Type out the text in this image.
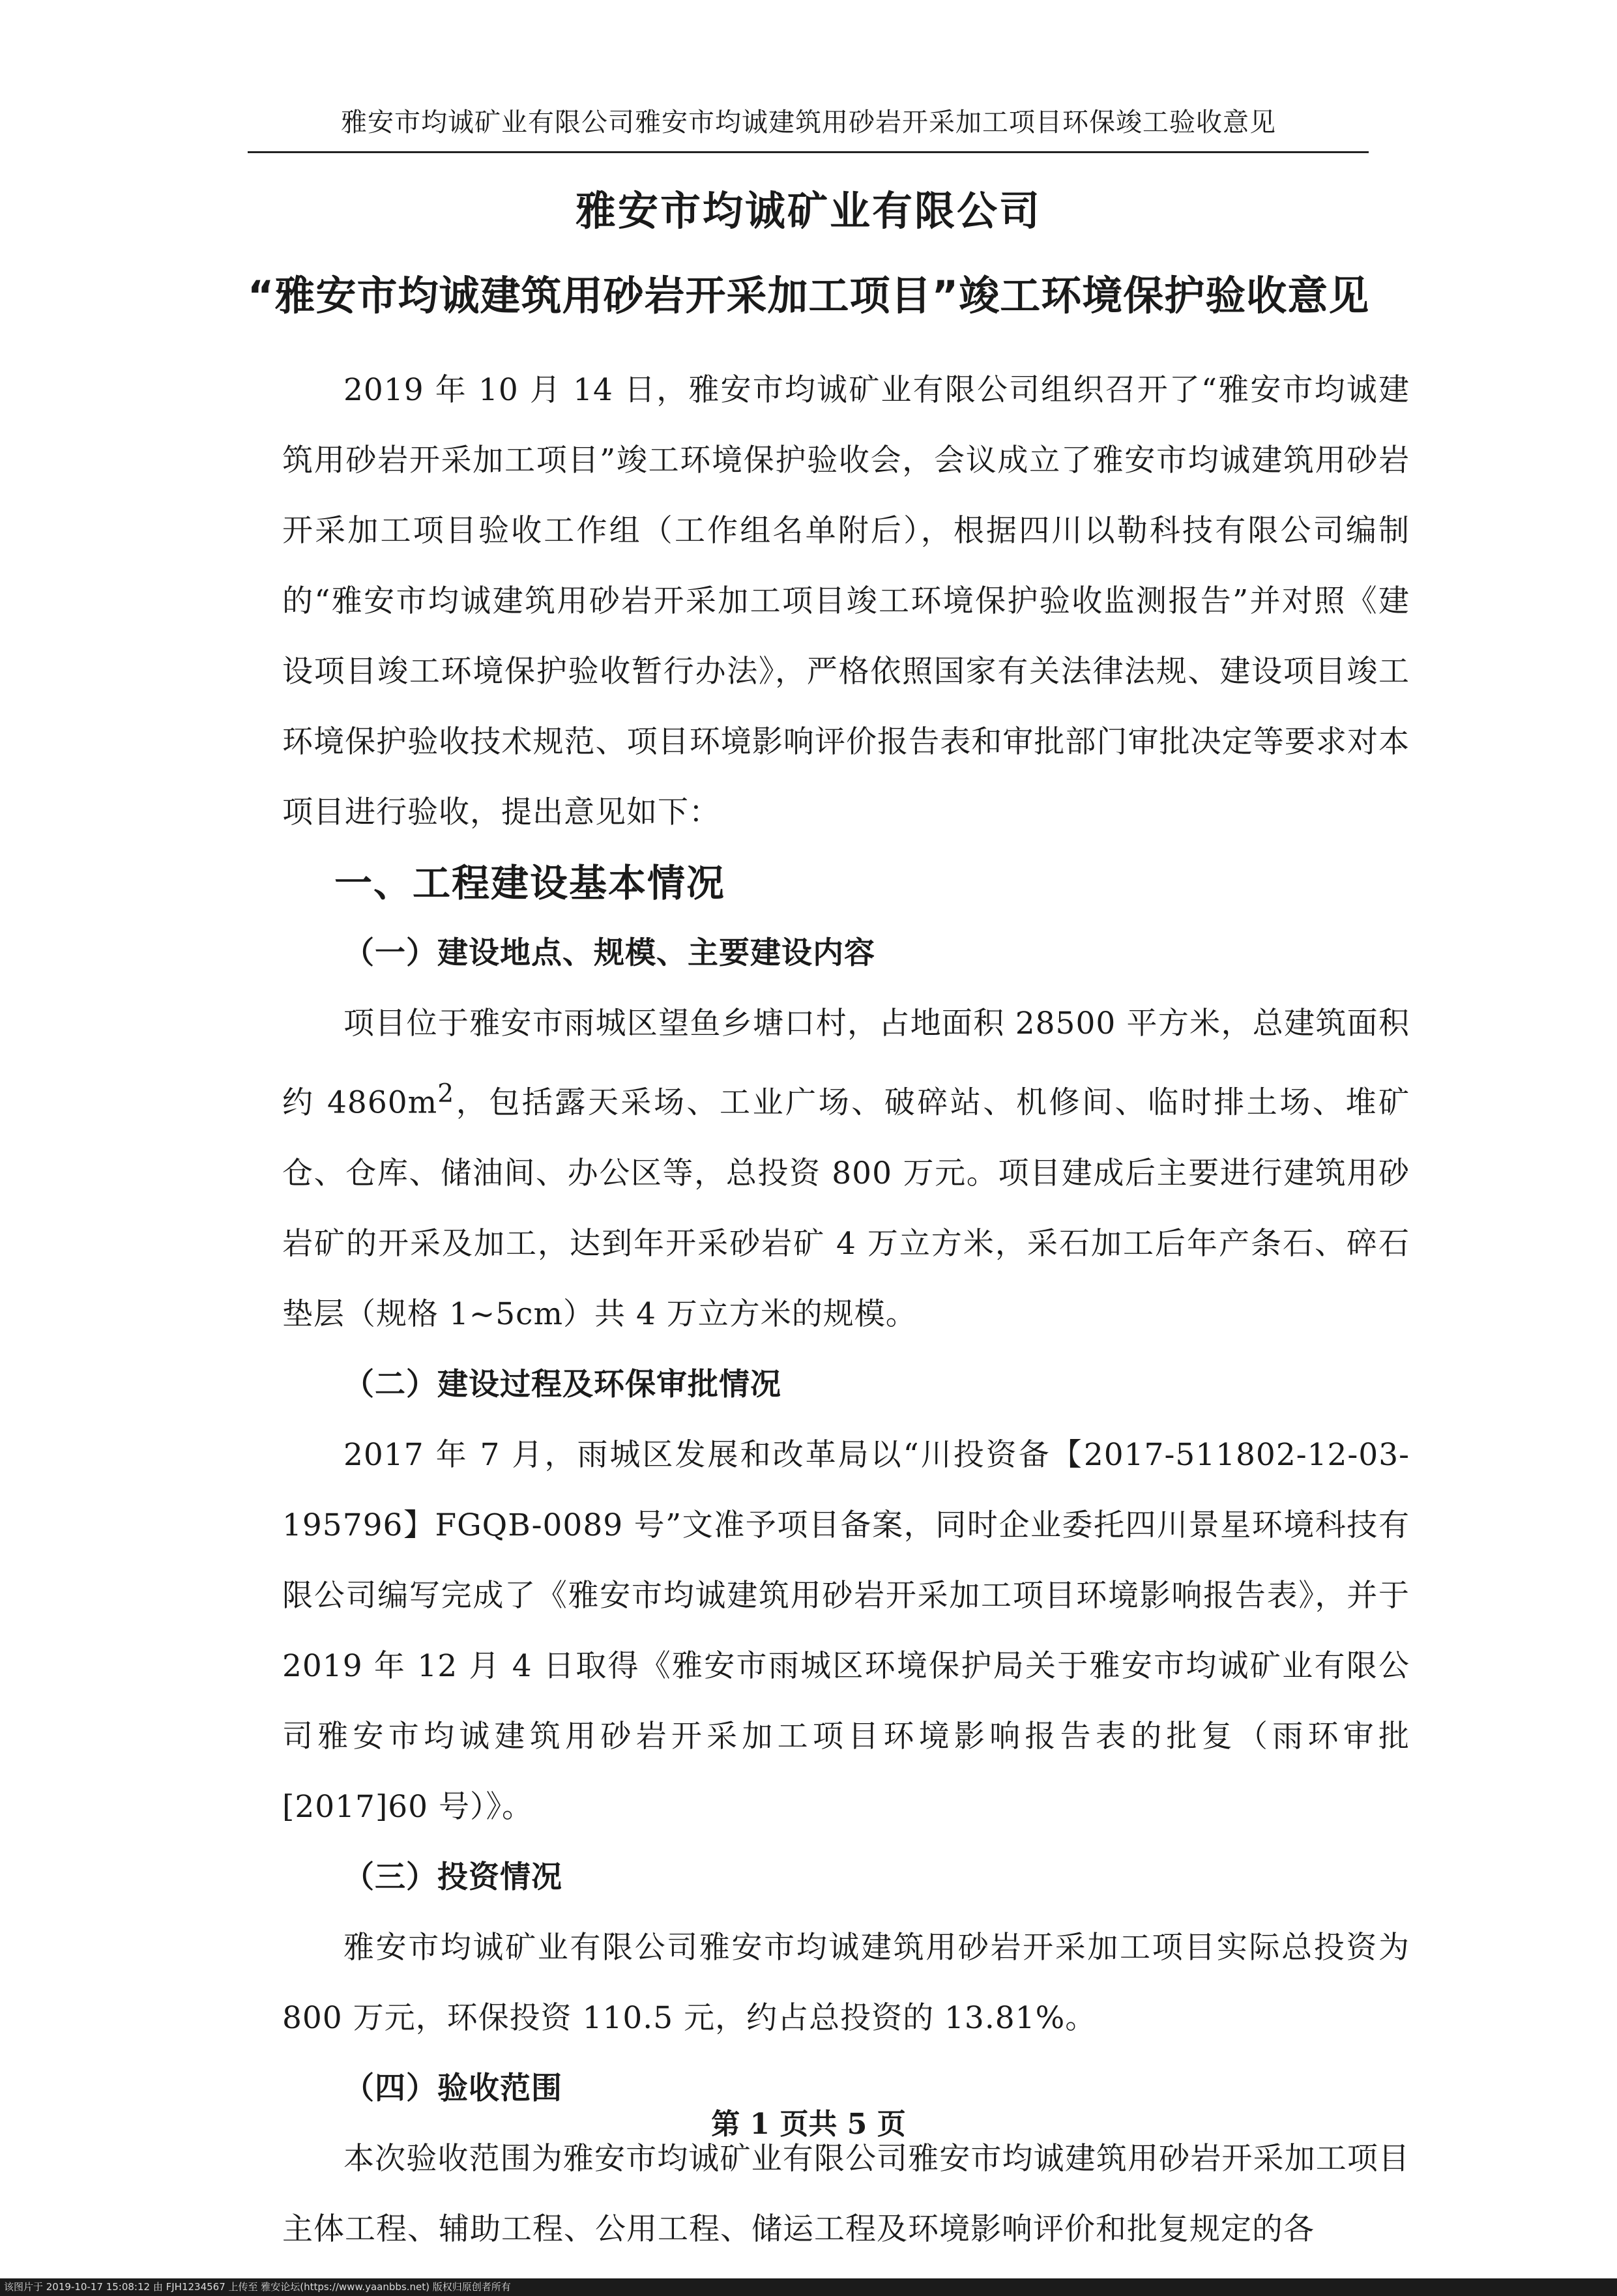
雅安市均诚矿业有限公司雅安市均诚建筑用砂岩开采加工项目环保竣工验收意见
雅安市均诚矿业有限公司
“雅安市均诚建筑用砂岩开采加工项目”竣工环境保护验收意见

2019 年 10 月 14 日，雅安市均诚矿业有限公司组织召开了“雅安市均诚建筑用砂岩开采加工项目”竣工环境保护验收会，会议成立了雅安市均诚建筑用砂岩开采加工项目验收工作组（工作组名单附后），根据四川以勒科技有限公司编制的“雅安市均诚建筑用砂岩开采加工项目竣工环境保护验收监测报告”并对照《建设项目竣工环境保护验收暂行办法》，严格依照国家有关法律法规、建设项目竣工环境保护验收技术规范、项目环境影响评价报告表和审批部门审批决定等要求对本项目进行验收，提出意见如下：

一、工程建设基本情况
（一）建设地点、规模、主要建设内容

项目位于雅安市雨城区望鱼乡塘口村，占地面积 28500 平方米，总建筑面积约 $4860m^2$，包括露天采场、工业广场、破碎站、机修间、临时排土场、堆矿仓、仓库、储油间、办公区等，总投资 800 万元。项目建成后主要进行建筑用砂岩矿的开采及加工，达到年开采砂岩矿 4 万立方米，采石加工后年产条石、碎石垫层（规格 1~5cm）共 4 万立方米的规模。

（二）建设过程及环保审批情况

2017 年 7 月，雨城区发展和改革局以“川投资备【2017-511802-12-03-195796】FGQB-0089 号”文准予项目备案，同时企业委托四川景星环境科技有限公司编写完成了《雅安市均诚建筑用砂岩开采加工项目环境影响报告表》，并于 2019 年 12 月 4 日取得《雅安市雨城区环境保护局关于雅安市均诚矿业有限公司雅安市均诚建筑用砂岩开采加工项目环境影响报告表的批复（雨环审批 [2017]60 号）》。

（三）投资情况

雅安市均诚矿业有限公司雅安市均诚建筑用砂岩开采加工项目实际总投资为 800 万元，环保投资 110.5 元，约占总投资的 13.81%。

（四）验收范围

本次验收范围为雅安市均诚矿业有限公司雅安市均诚建筑用砂岩开采加工项目主体工程、辅助工程、公用工程、储运工程及环境影响评价和批复规定的各

第 1 页共 5 页
该图片于 2019-10-17 15:08:12 由 FJH1234567 上传至 雅安论坛(https://www.yaanbbs.net) 版权归原创者所有
